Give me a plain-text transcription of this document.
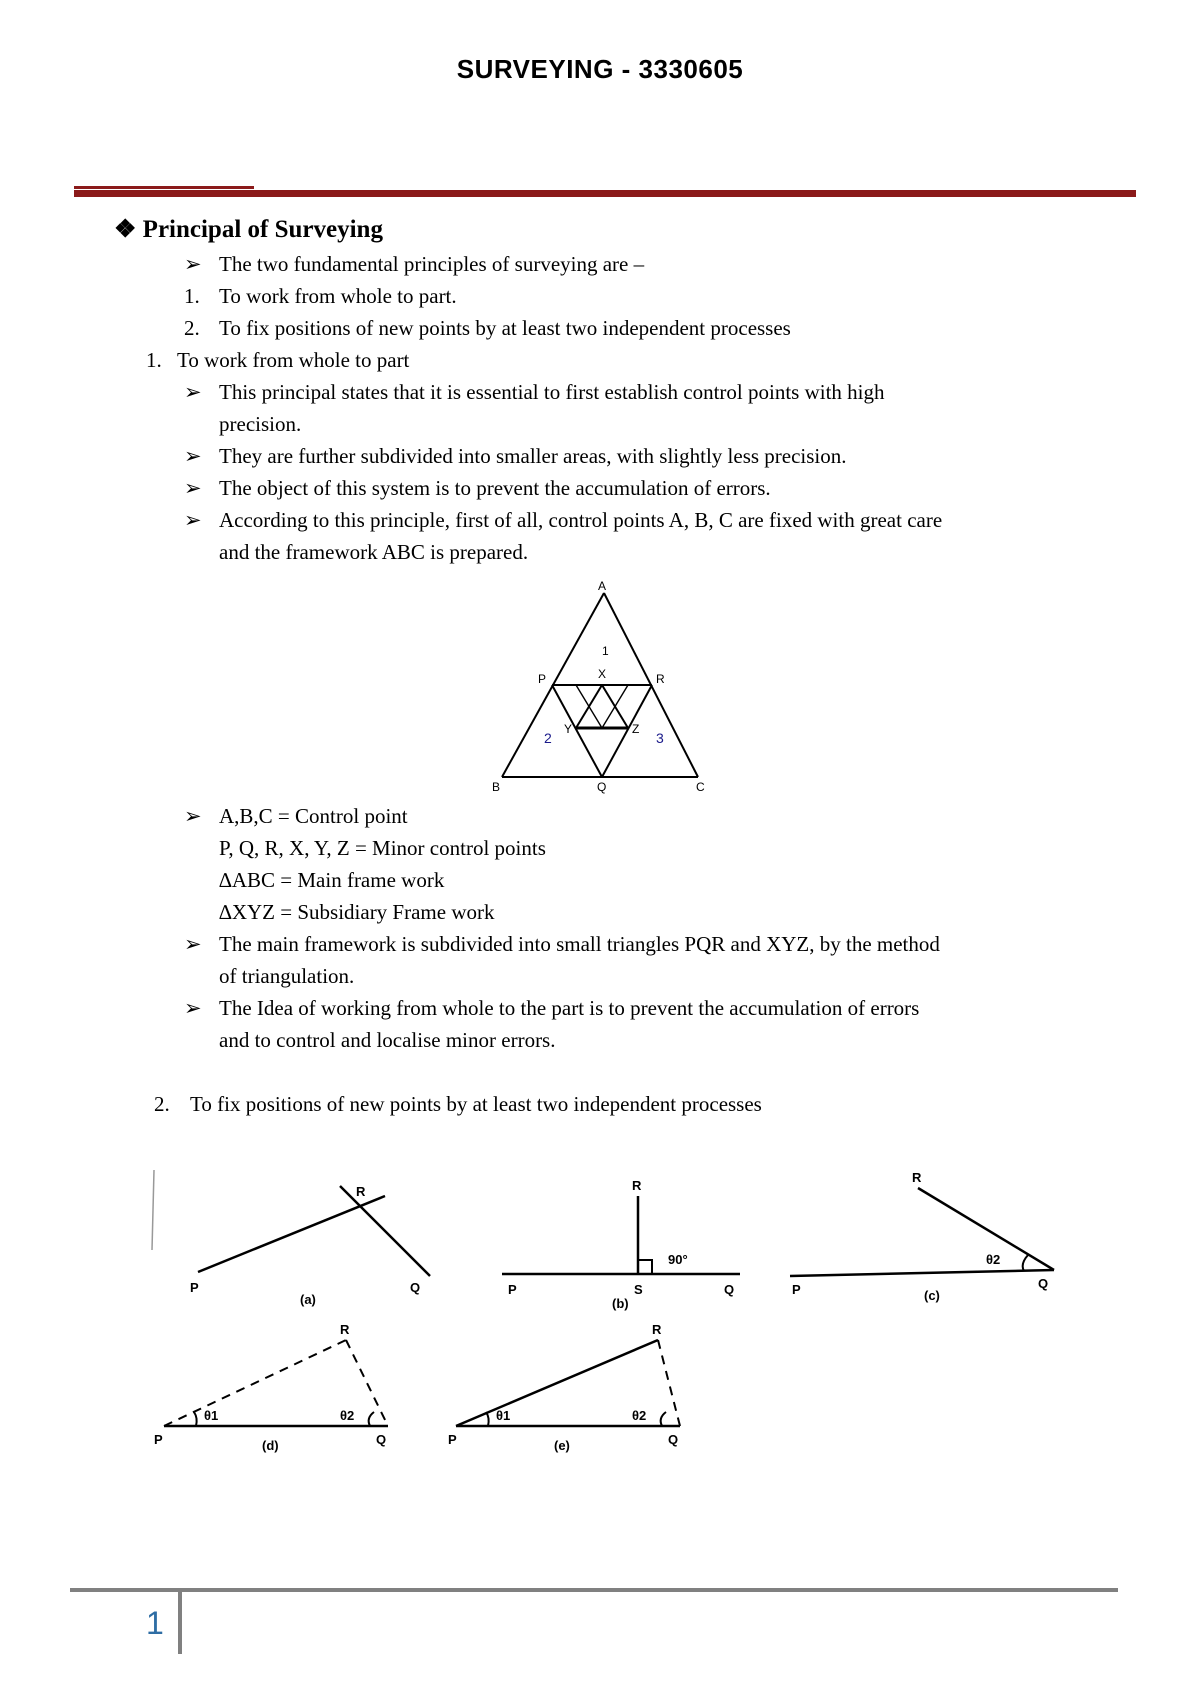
SURVEYING - 3330605
❖ Principal of Surveying
➢ The two fundamental principles of surveying are –
1. To work from whole to part.
2. To fix positions of new points by at least two independent processes
1. To work from whole to part
➢ This principal states that it is essential to first establish control points with high
precision.
➢ They are further subdivided into smaller areas, with slightly less precision.
➢ The object of this system is to prevent the accumulation of errors.
➢ According to this principle, first of all, control points A, B, C are fixed with great care
and the framework ABC is prepared.
A
B	C
P
Q
R
X
Y	Z
1
2	3
➢ A,B,C = Control point
P, Q, R, X, Y, Z = Minor control points
∆ABC = Main frame work
∆XYZ = Subsidiary Frame work
➢ The main framework is subdivided into small triangles PQR and XYZ, by the method
of triangulation.
➢ The Idea of working from whole to the part is to prevent the accumulation of errors
and to control and localise minor errors.
2. To fix positions of new points by at least two independent processes
P	Q
R
(a)
P	Q
R
S
90°
(b)
P	Q
R
θ2
(c)
P	Q
R
θ1	θ2
(d)	P	Q
R
θ1	θ2
(e)
1
